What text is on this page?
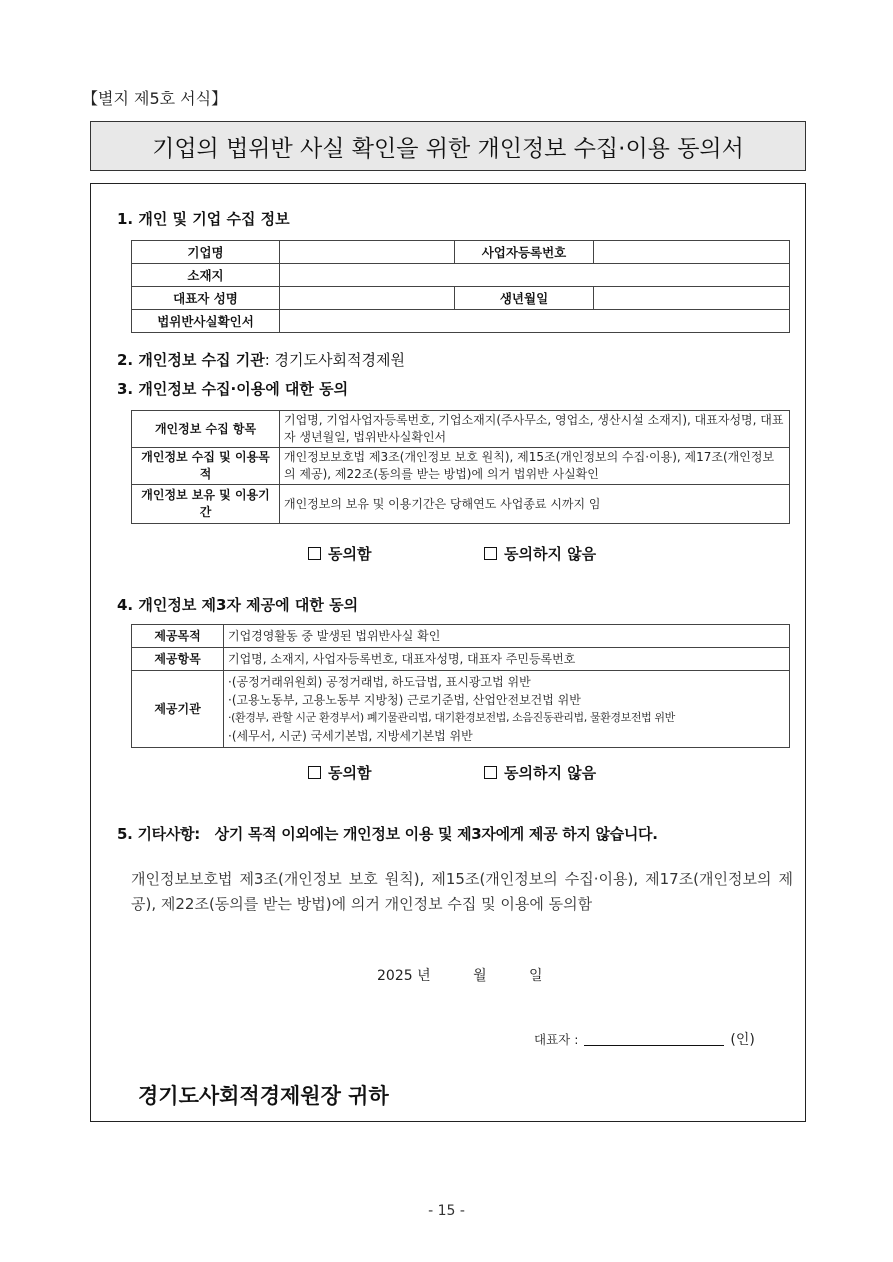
【별지 제5호 서식】
기업의 법위반 사실 확인을 위한 개인정보 수집·이용 동의서
1. 개인 및 기업 수집 정보
기업명		사업자등록번호	
소재지			
대표자 성명		생년월일	
법위반사실확인서			
2. 개인정보 수집 기관: 경기도사회적경제원
3. 개인정보 수집·이용에 대한 동의
개인정보 수집 항목	기업명, 기업사업자등록번호, 기업소재지(주사무소, 영업소, 생산시설 소재지), 대표자성명, 대표자 생년월일, 법위반사실확인서
개인정보 수집 및 이용목적	개인정보보호법 제3조(개인정보 보호 원칙), 제15조(개인정보의 수집·이용), 제17조(개인정보의 제공), 제22조(동의를 받는 방법)에 의거 법위반 사실확인
개인정보 보유 및 이용기간	개인정보의 보유 및 이용기간은 당해연도 사업종료 시까지 임
동의함	동의하지 않음
4. 개인정보 제3자 제공에 대한 동의
제공목적	기업경영활동 중 발생된 법위반사실 확인
제공항목	기업명, 소재지, 사업자등록번호, 대표자성명, 대표자 주민등록번호
제공기관	·(공정거래위원회) 공정거래법, 하도급법, 표시광고법 위반
·(고용노동부, 고용노동부 지방청) 근로기준법, 산업안전보건법 위반
·(환경부, 관할 시군 환경부서) 폐기물관리법, 대기환경보전법, 소음진동관리법, 물환경보전법 위반
·(세무서, 시군) 국세기본법, 지방세기본법 위반
동의함	동의하지 않음
5. 기타사항:   상기 목적 이외에는 개인정보 이용 및 제3자에게 제공 하지 않습니다.
개인정보보호법 제3조(개인정보 보호 원칙), 제15조(개인정보의 수집·이용), 제17조(개인정보의 제공), 제22조(동의를 받는 방법)에 의거 개인정보 수집 및 이용에 동의함
2025 년	월	일
대표자 :	(인)
경기도사회적경제원장 귀하
- 15 -
